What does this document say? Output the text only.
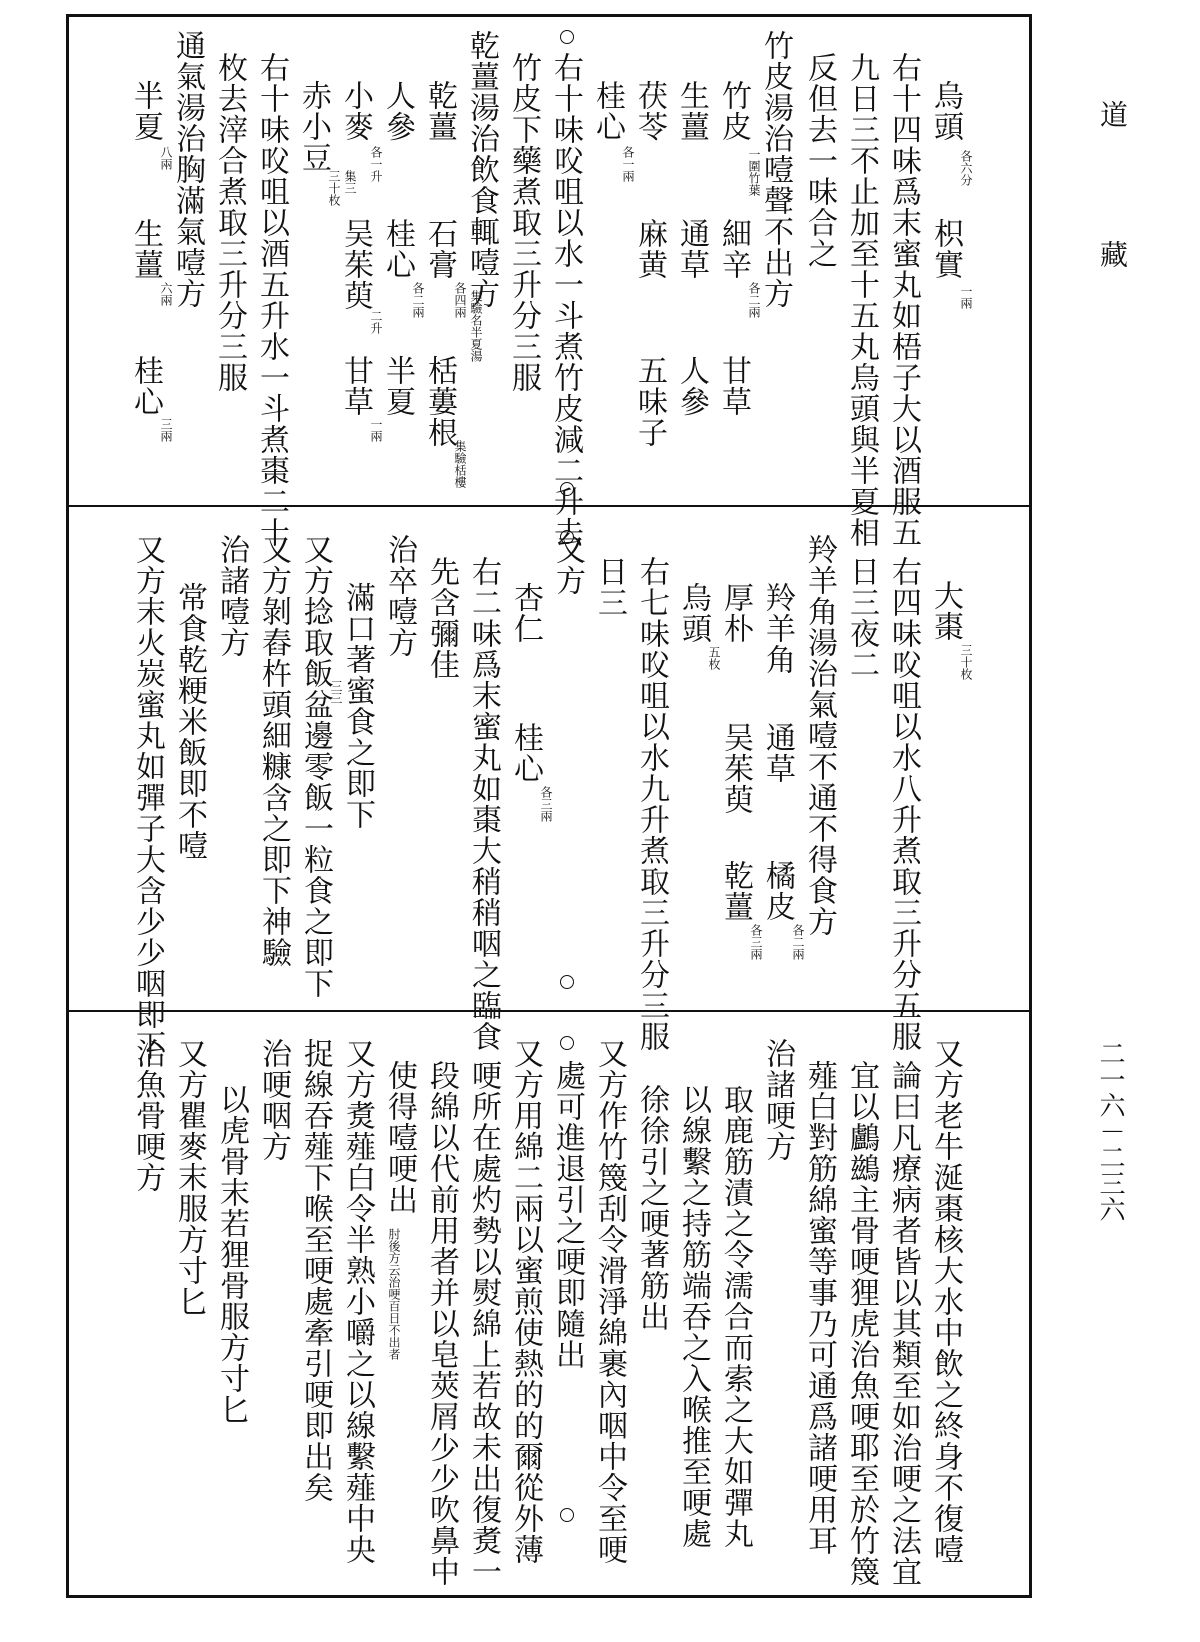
道
藏
二一六－二三六
烏頭
各六分
枳實
一兩
右十四味爲末蜜丸如梧子大以酒服五
九日三不止加至十五丸烏頭與半夏相
反但去一味合之
竹皮湯治噎聲不出方
竹皮
一圍竹葉
細辛
各二兩
甘草
生薑
通草
人參
茯苓
麻黄
五味子
桂心
各一兩
右十味㕮咀以水一斗煮竹皮減二升去
竹皮下藥煮取三升分三服
乾薑湯治飲食輒噎方
集驗名半夏湯
乾薑
石膏
各四兩
栝蔞根
集驗栝樓
人參
桂心
各二兩
半夏
小麥
各一升
吴茱萸
二升
甘草
一兩
赤小豆
三十枚 集三
右十味㕮咀以酒五升水一斗煮棗二十
枚去滓合煮取三升分三服
通氣湯治胸滿氣噎方
半夏
八兩
生薑
六兩
桂心
三兩
大棗
三十枚
右四味㕮咀以水八升煮取三升分五服
日三夜二
羚羊角湯治氣噎不通不得食方
羚羊角
通草
橘皮
各二兩
厚朴
吴茱萸
乾薑
各三兩
烏頭
五枚
右七味㕮咀以水九升煮取三升分三服
日三
又方
杏仁
桂心
各三兩
右二味爲末蜜丸如棗大稍稍咽之臨食
先含彌佳
治卒噎方
滿口著蜜食之即下
又方捻取飯盆邊零飯一粒食之即下
三三
又方剝舂杵頭細糠含之即下神驗
治諸噎方
常食乾粳米飯即不噎
又方末火炭蜜丸如彈子大含少少咽即下
又方老牛涎棗核大水中飲之終身不復噎
論曰凡療病者皆以其類至如治哽之法宜
宜以鸕鷀主骨哽狸虎治魚哽耶至於竹篾
薤白對筋綿蜜等事乃可通爲諸哽用耳
治諸哽方
取鹿筋漬之令濡合而索之大如彈丸
以線繫之持筋端吞之入喉推至哽處
徐徐引之哽著筋出
又方作竹篾刮令滑淨綿裹內咽中令至哽
處可進退引之哽即隨出
又方用綿二兩以蜜煎使熱的的爾從外薄
哽所在處灼勢以熨綿上若故未出復煑一
段綿以代前用者并以皂莢屑少少吹鼻中
使得噎哽出
肘後方云治哽百日不出者
又方煑薤白令半熟小嚼之以線繫薤中央
捉線吞薤下喉至哽處牽引哽即出矣
治哽咽方
以虎骨末若狸骨服方寸匕
又方瞿麥末服方寸匕
治魚骨哽方
